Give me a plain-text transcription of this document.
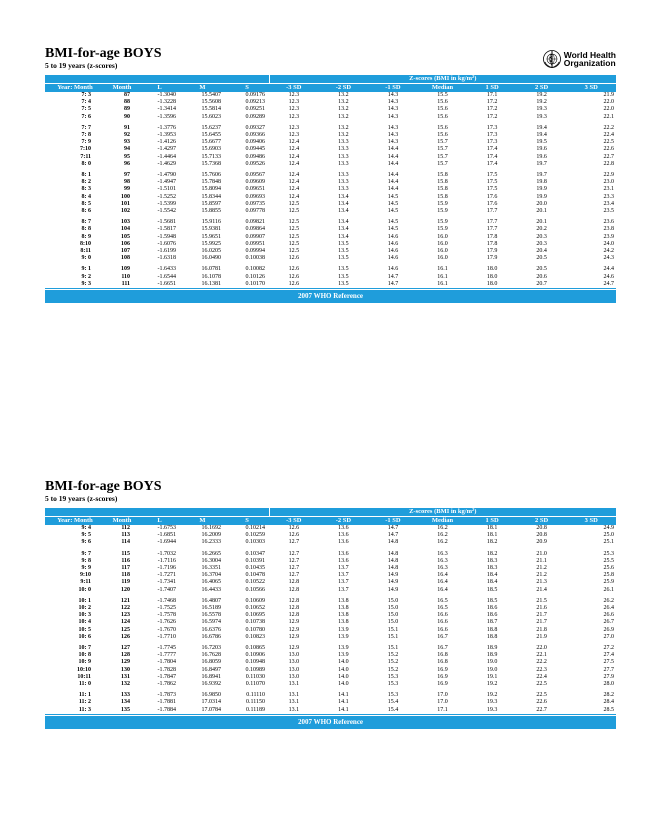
BMI-for-age BOYS
5 to 19 years (z-scores)
World Health
Organization
					Z-scores (BMI in $kg/m^2$)						
Year: Month	Month	L	M	S	-3 SD	-2 SD	-1 SD	Median	1 SD	2 SD	3 SD
7: 3	87	-1.3040	15.5407	0.09176	12.3	13.2	14.3	15.5	17.1	19.2	21.9
7: 4	88	-1.3228	15.5608	0.09213	12.3	13.2	14.3	15.6	17.2	19.2	22.0
7: 5	89	-1.3414	15.5814	0.09251	12.3	13.2	14.3	15.6	17.2	19.3	22.0
7: 6	90	-1.3596	15.6023	0.09289	12.3	13.2	14.3	15.6	17.2	19.3	22.1

7: 7	91	-1.3776	15.6237	0.09327	12.3	13.2	14.3	15.6	17.3	19.4	22.2
7: 8	92	-1.3953	15.6455	0.09366	12.3	13.2	14.3	15.6	17.3	19.4	22.4
7: 9	93	-1.4126	15.6677	0.09406	12.4	13.3	14.3	15.7	17.3	19.5	22.5
7:10	94	-1.4297	15.6903	0.09445	12.4	13.3	14.4	15.7	17.4	19.6	22.6
7:11	95	-1.4464	15.7133	0.09486	12.4	13.3	14.4	15.7	17.4	19.6	22.7
8: 0	96	-1.4629	15.7368	0.09526	12.4	13.3	14.4	15.7	17.4	19.7	22.8

8: 1	97	-1.4790	15.7606	0.09567	12.4	13.3	14.4	15.8	17.5	19.7	22.9
8: 2	98	-1.4947	15.7848	0.09609	12.4	13.3	14.4	15.8	17.5	19.8	23.0
8: 3	99	-1.5101	15.8094	0.09651	12.4	13.3	14.4	15.8	17.5	19.9	23.1
8: 4	100	-1.5252	15.8344	0.09693	12.4	13.4	14.5	15.8	17.6	19.9	23.3
8: 5	101	-1.5399	15.8597	0.09735	12.5	13.4	14.5	15.9	17.6	20.0	23.4
8: 6	102	-1.5542	15.8855	0.09778	12.5	13.4	14.5	15.9	17.7	20.1	23.5

8: 7	103	-1.5681	15.9116	0.09821	12.5	13.4	14.5	15.9	17.7	20.1	23.6
8: 8	104	-1.5817	15.9381	0.09864	12.5	13.4	14.5	15.9	17.7	20.2	23.8
8: 9	105	-1.5948	15.9651	0.09907	12.5	13.4	14.6	16.0	17.8	20.3	23.9
8:10	106	-1.6076	15.9925	0.09951	12.5	13.5	14.6	16.0	17.8	20.3	24.0
8:11	107	-1.6199	16.0205	0.09994	12.5	13.5	14.6	16.0	17.9	20.4	24.2
9: 0	108	-1.6318	16.0490	0.10038	12.6	13.5	14.6	16.0	17.9	20.5	24.3

9: 1	109	-1.6433	16.0781	0.10082	12.6	13.5	14.6	16.1	18.0	20.5	24.4
9: 2	110	-1.6544	16.1078	0.10126	12.6	13.5	14.7	16.1	18.0	20.6	24.6
9: 3	111	-1.6651	16.1381	0.10170	12.6	13.5	14.7	16.1	18.0	20.7	24.7
2007 WHO Reference
BMI-for-age BOYS
5 to 19 years (z-scores)
					Z-scores (BMI in $kg/m^2$)						
Year: Month	Month	L	M	S	-3 SD	-2 SD	-1 SD	Median	1 SD	2 SD	3 SD
9: 4	112	-1.6753	16.1692	0.10214	12.6	13.6	14.7	16.2	18.1	20.8	24.9
9: 5	113	-1.6851	16.2009	0.10259	12.6	13.6	14.7	16.2	18.1	20.8	25.0
9: 6	114	-1.6944	16.2333	0.10303	12.7	13.6	14.8	16.2	18.2	20.9	25.1

9: 7	115	-1.7032	16.2665	0.10347	12.7	13.6	14.8	16.3	18.2	21.0	25.3
9: 8	116	-1.7116	16.3004	0.10391	12.7	13.6	14.8	16.3	18.3	21.1	25.5
9: 9	117	-1.7196	16.3351	0.10435	12.7	13.7	14.8	16.3	18.3	21.2	25.6
9:10	118	-1.7271	16.3704	0.10478	12.7	13.7	14.9	16.4	18.4	21.2	25.8
9:11	119	-1.7341	16.4065	0.10522	12.8	13.7	14.9	16.4	18.4	21.3	25.9
10: 0	120	-1.7407	16.4433	0.10566	12.8	13.7	14.9	16.4	18.5	21.4	26.1

10: 1	121	-1.7468	16.4807	0.10609	12.8	13.8	15.0	16.5	18.5	21.5	26.2
10: 2	122	-1.7525	16.5189	0.10652	12.8	13.8	15.0	16.5	18.6	21.6	26.4
10: 3	123	-1.7578	16.5578	0.10695	12.8	13.8	15.0	16.6	18.6	21.7	26.6
10: 4	124	-1.7626	16.5974	0.10738	12.9	13.8	15.0	16.6	18.7	21.7	26.7
10: 5	125	-1.7670	16.6376	0.10780	12.9	13.9	15.1	16.6	18.8	21.8	26.9
10: 6	126	-1.7710	16.6786	0.10823	12.9	13.9	15.1	16.7	18.8	21.9	27.0

10: 7	127	-1.7745	16.7203	0.10865	12.9	13.9	15.1	16.7	18.9	22.0	27.2
10: 8	128	-1.7777	16.7628	0.10906	13.0	13.9	15.2	16.8	18.9	22.1	27.4
10: 9	129	-1.7804	16.8059	0.10948	13.0	14.0	15.2	16.8	19.0	22.2	27.5
10:10	130	-1.7828	16.8497	0.10989	13.0	14.0	15.2	16.9	19.0	22.3	27.7
10:11	131	-1.7847	16.8941	0.11030	13.0	14.0	15.3	16.9	19.1	22.4	27.9
11: 0	132	-1.7862	16.9392	0.11070	13.1	14.0	15.3	16.9	19.2	22.5	28.0

11: 1	133	-1.7873	16.9850	0.11110	13.1	14.1	15.3	17.0	19.2	22.5	28.2
11: 2	134	-1.7881	17.0314	0.11150	13.1	14.1	15.4	17.0	19.3	22.6	28.4
11: 3	135	-1.7884	17.0784	0.11189	13.1	14.1	15.4	17.1	19.3	22.7	28.5
2007 WHO Reference
